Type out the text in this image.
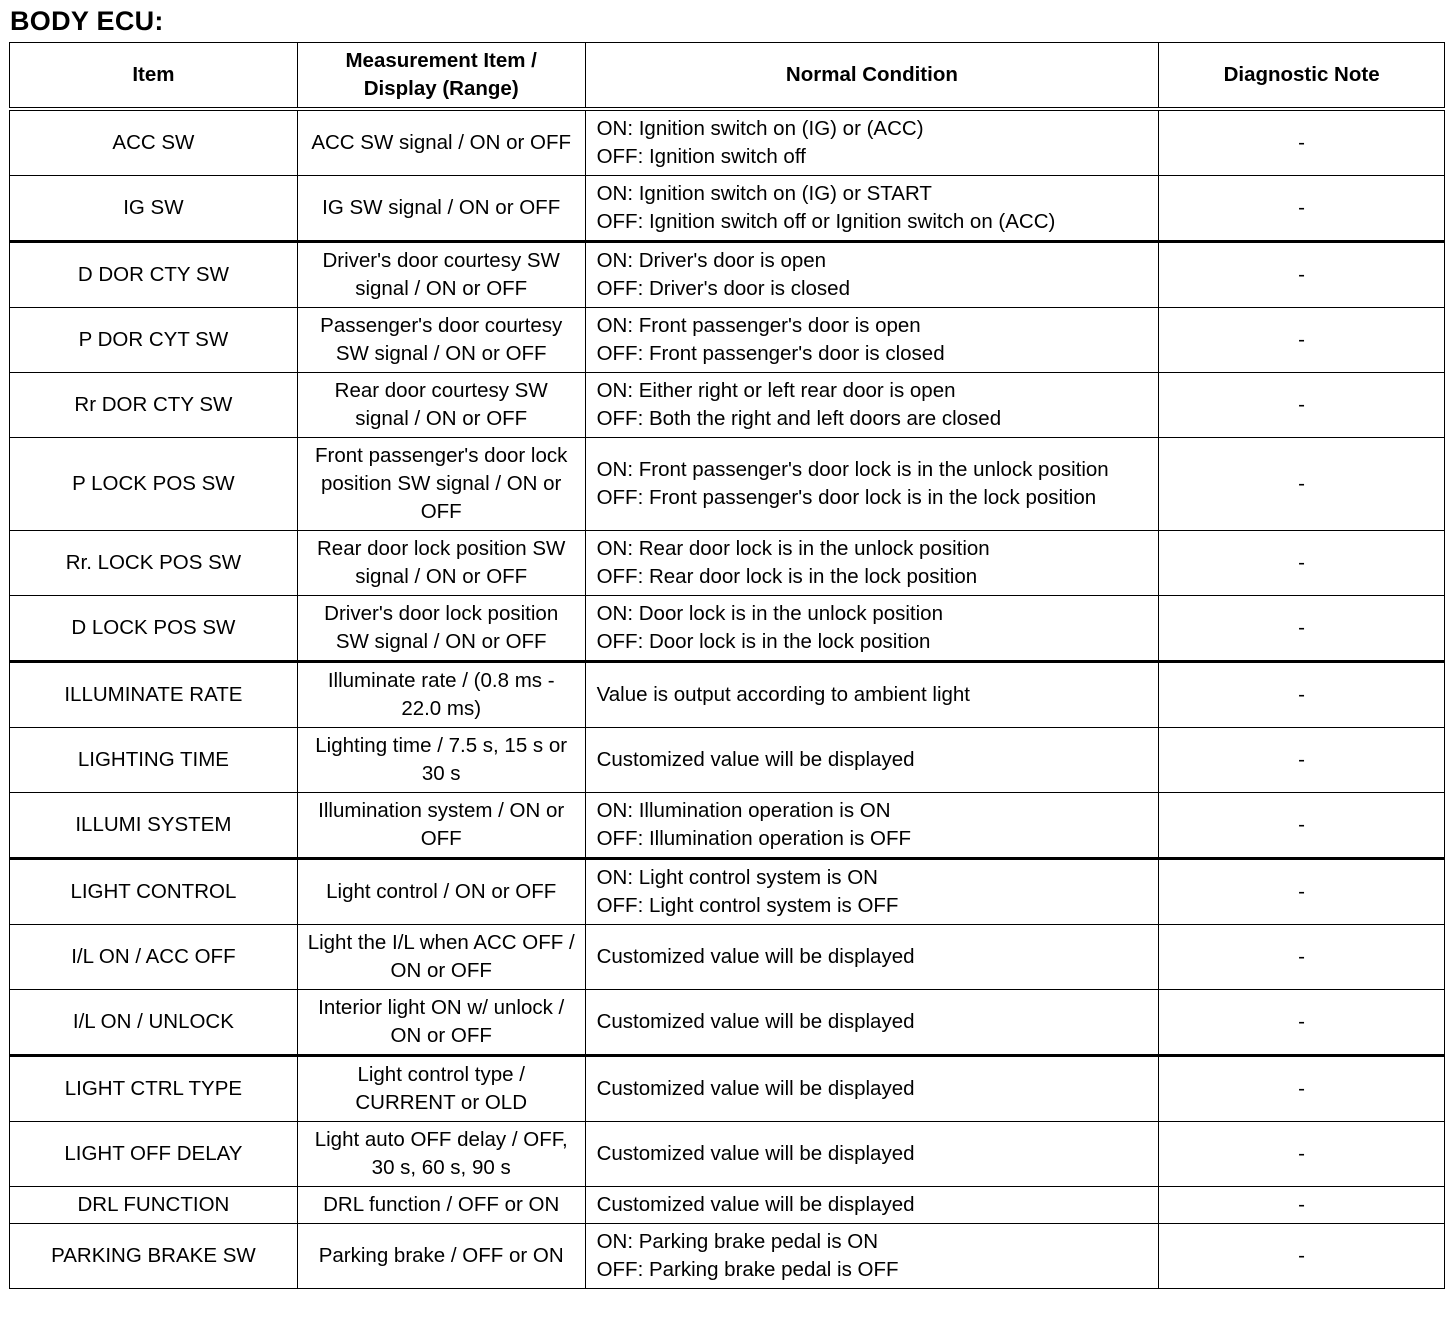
BODY ECU:
Item	Measurement Item /
Display (Range)	Normal Condition	Diagnostic Note
ACC SW	ACC SW signal / ON or OFF	ON: Ignition switch on (IG) or (ACC)
OFF: Ignition switch off	-
IG SW	IG SW signal / ON or OFF	ON: Ignition switch on (IG) or START
OFF: Ignition switch off or Ignition switch on (ACC)	-
D DOR CTY SW	Driver's door courtesy SW signal / ON or OFF	ON: Driver's door is open
OFF: Driver's door is closed	-
P DOR CYT SW	Passenger's door courtesy SW signal / ON or OFF	ON: Front passenger's door is open
OFF: Front passenger's door is closed	-
Rr DOR CTY SW	Rear door courtesy SW signal / ON or OFF	ON: Either right or left rear door is open
OFF: Both the right and left doors are closed	-
P LOCK POS SW	Front passenger's door lock position SW signal / ON or OFF	ON: Front passenger's door lock is in the unlock position
OFF: Front passenger's door lock is in the lock position	-
Rr. LOCK POS SW	Rear door lock position SW signal / ON or OFF	ON: Rear door lock is in the unlock position
OFF: Rear door lock is in the lock position	-
D LOCK POS SW	Driver's door lock position SW signal / ON or OFF	ON: Door lock is in the unlock position
OFF: Door lock is in the lock position	-
ILLUMINATE RATE	Illuminate rate / (0.8 ms - 22.0 ms)	Value is output according to ambient light	-
LIGHTING TIME	Lighting time / 7.5 s, 15 s or 30 s	Customized value will be displayed	-
ILLUMI SYSTEM	Illumination system / ON or OFF	ON: Illumination operation is ON
OFF: Illumination operation is OFF	-
LIGHT CONTROL	Light control / ON or OFF	ON: Light control system is ON
OFF: Light control system is OFF	-
I/L ON / ACC OFF	Light the I/L when ACC OFF / ON or OFF	Customized value will be displayed	-
I/L ON / UNLOCK	Interior light ON w/ unlock / ON or OFF	Customized value will be displayed	-
LIGHT CTRL TYPE	Light control type / CURRENT or OLD	Customized value will be displayed	-
LIGHT OFF DELAY	Light auto OFF delay / OFF, 30 s, 60 s, 90 s	Customized value will be displayed	-
DRL FUNCTION	DRL function / OFF or ON	Customized value will be displayed	-
PARKING BRAKE SW	Parking brake / OFF or ON	ON: Parking brake pedal is ON
OFF: Parking brake pedal is OFF	-
